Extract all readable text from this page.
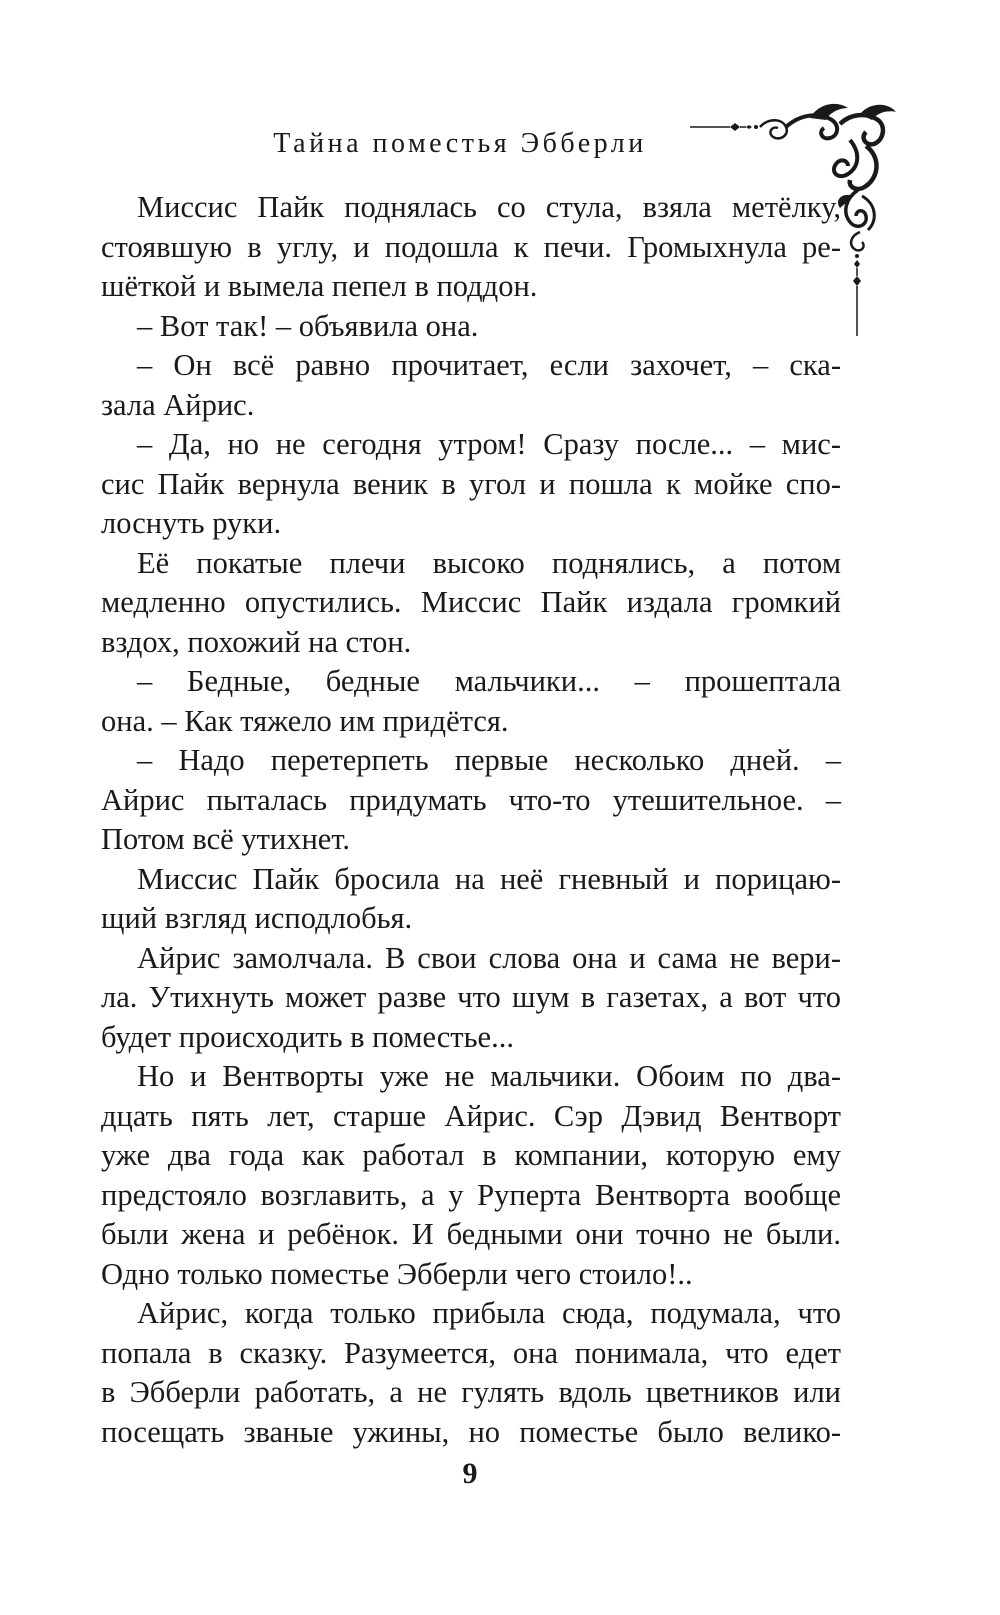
Тайна поместья Эбберли
Миссис Пайк поднялась со стула, взяла метёлку,
стоявшую в углу, и подошла к печи. Громыхнула ре-
шёткой и вымела пепел в поддон.
– Вот так! – объявила она.
– Он всё равно прочитает, если захочет, – ска-
зала Айрис.
– Да, но не сегодня утром! Сразу после... – мис-
сис Пайк вернула веник в угол и пошла к мойке спо-
лоснуть руки.
Её покатые плечи высоко поднялись, а потом
медленно опустились. Миссис Пайк издала громкий
вздох, похожий на стон.
– Бедные, бедные мальчики... – прошептала
она. – Как тяжело им придётся.
– Надо перетерпеть первые несколько дней. –
Айрис пыталась придумать что-то утешительное. –
Потом всё утихнет.
Миссис Пайк бросила на неё гневный и порицаю-
щий взгляд исподлобья.
Айрис замолчала. В свои слова она и сама не вери-
ла. Утихнуть может разве что шум в газетах, а вот что
будет происходить в поместье...
Но и Вентворты уже не мальчики. Обоим по два-
дцать пять лет, старше Айрис. Сэр Дэвид Вентворт
уже два года как работал в компании, которую ему
предстояло возглавить, а у Руперта Вентворта вообще
были жена и ребёнок. И бедными они точно не были.
Одно только поместье Эбберли чего стоило!..
Айрис, когда только прибыла сюда, подумала, что
попала в сказку. Разумеется, она понимала, что едет
в Эбберли работать, а не гулять вдоль цветников или
посещать званые ужины, но поместье было велико-
9
